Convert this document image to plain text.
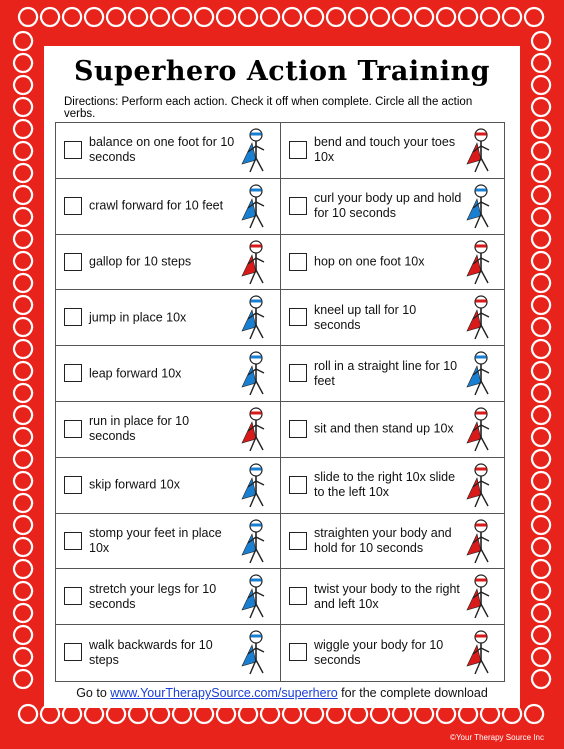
Superhero Action Training
Directions: Perform each action. Check it off when complete. Circle all the action verbs.
balance on one foot for 10 seconds
crawl forward for 10 feet
gallop for 10 steps
jump in place 10x
leap forward 10x
run in place for 10 seconds
skip forward 10x
stomp your feet in place 10x
stretch your legs for 10 seconds
walk backwards for 10 steps
bend and touch your toes 10x
curl your body up and hold for 10 seconds
hop on one foot 10x
kneel up tall for 10 seconds
roll in a straight line for 10 feet
sit and then stand up 10x
slide to the right 10x slide to the left 10x
straighten your body and hold for 10 seconds
twist your body to the right and left 10x
wiggle your body for 10 seconds
Go to www.YourTherapySource.com/superhero for the complete download
©Your Therapy Source Inc
